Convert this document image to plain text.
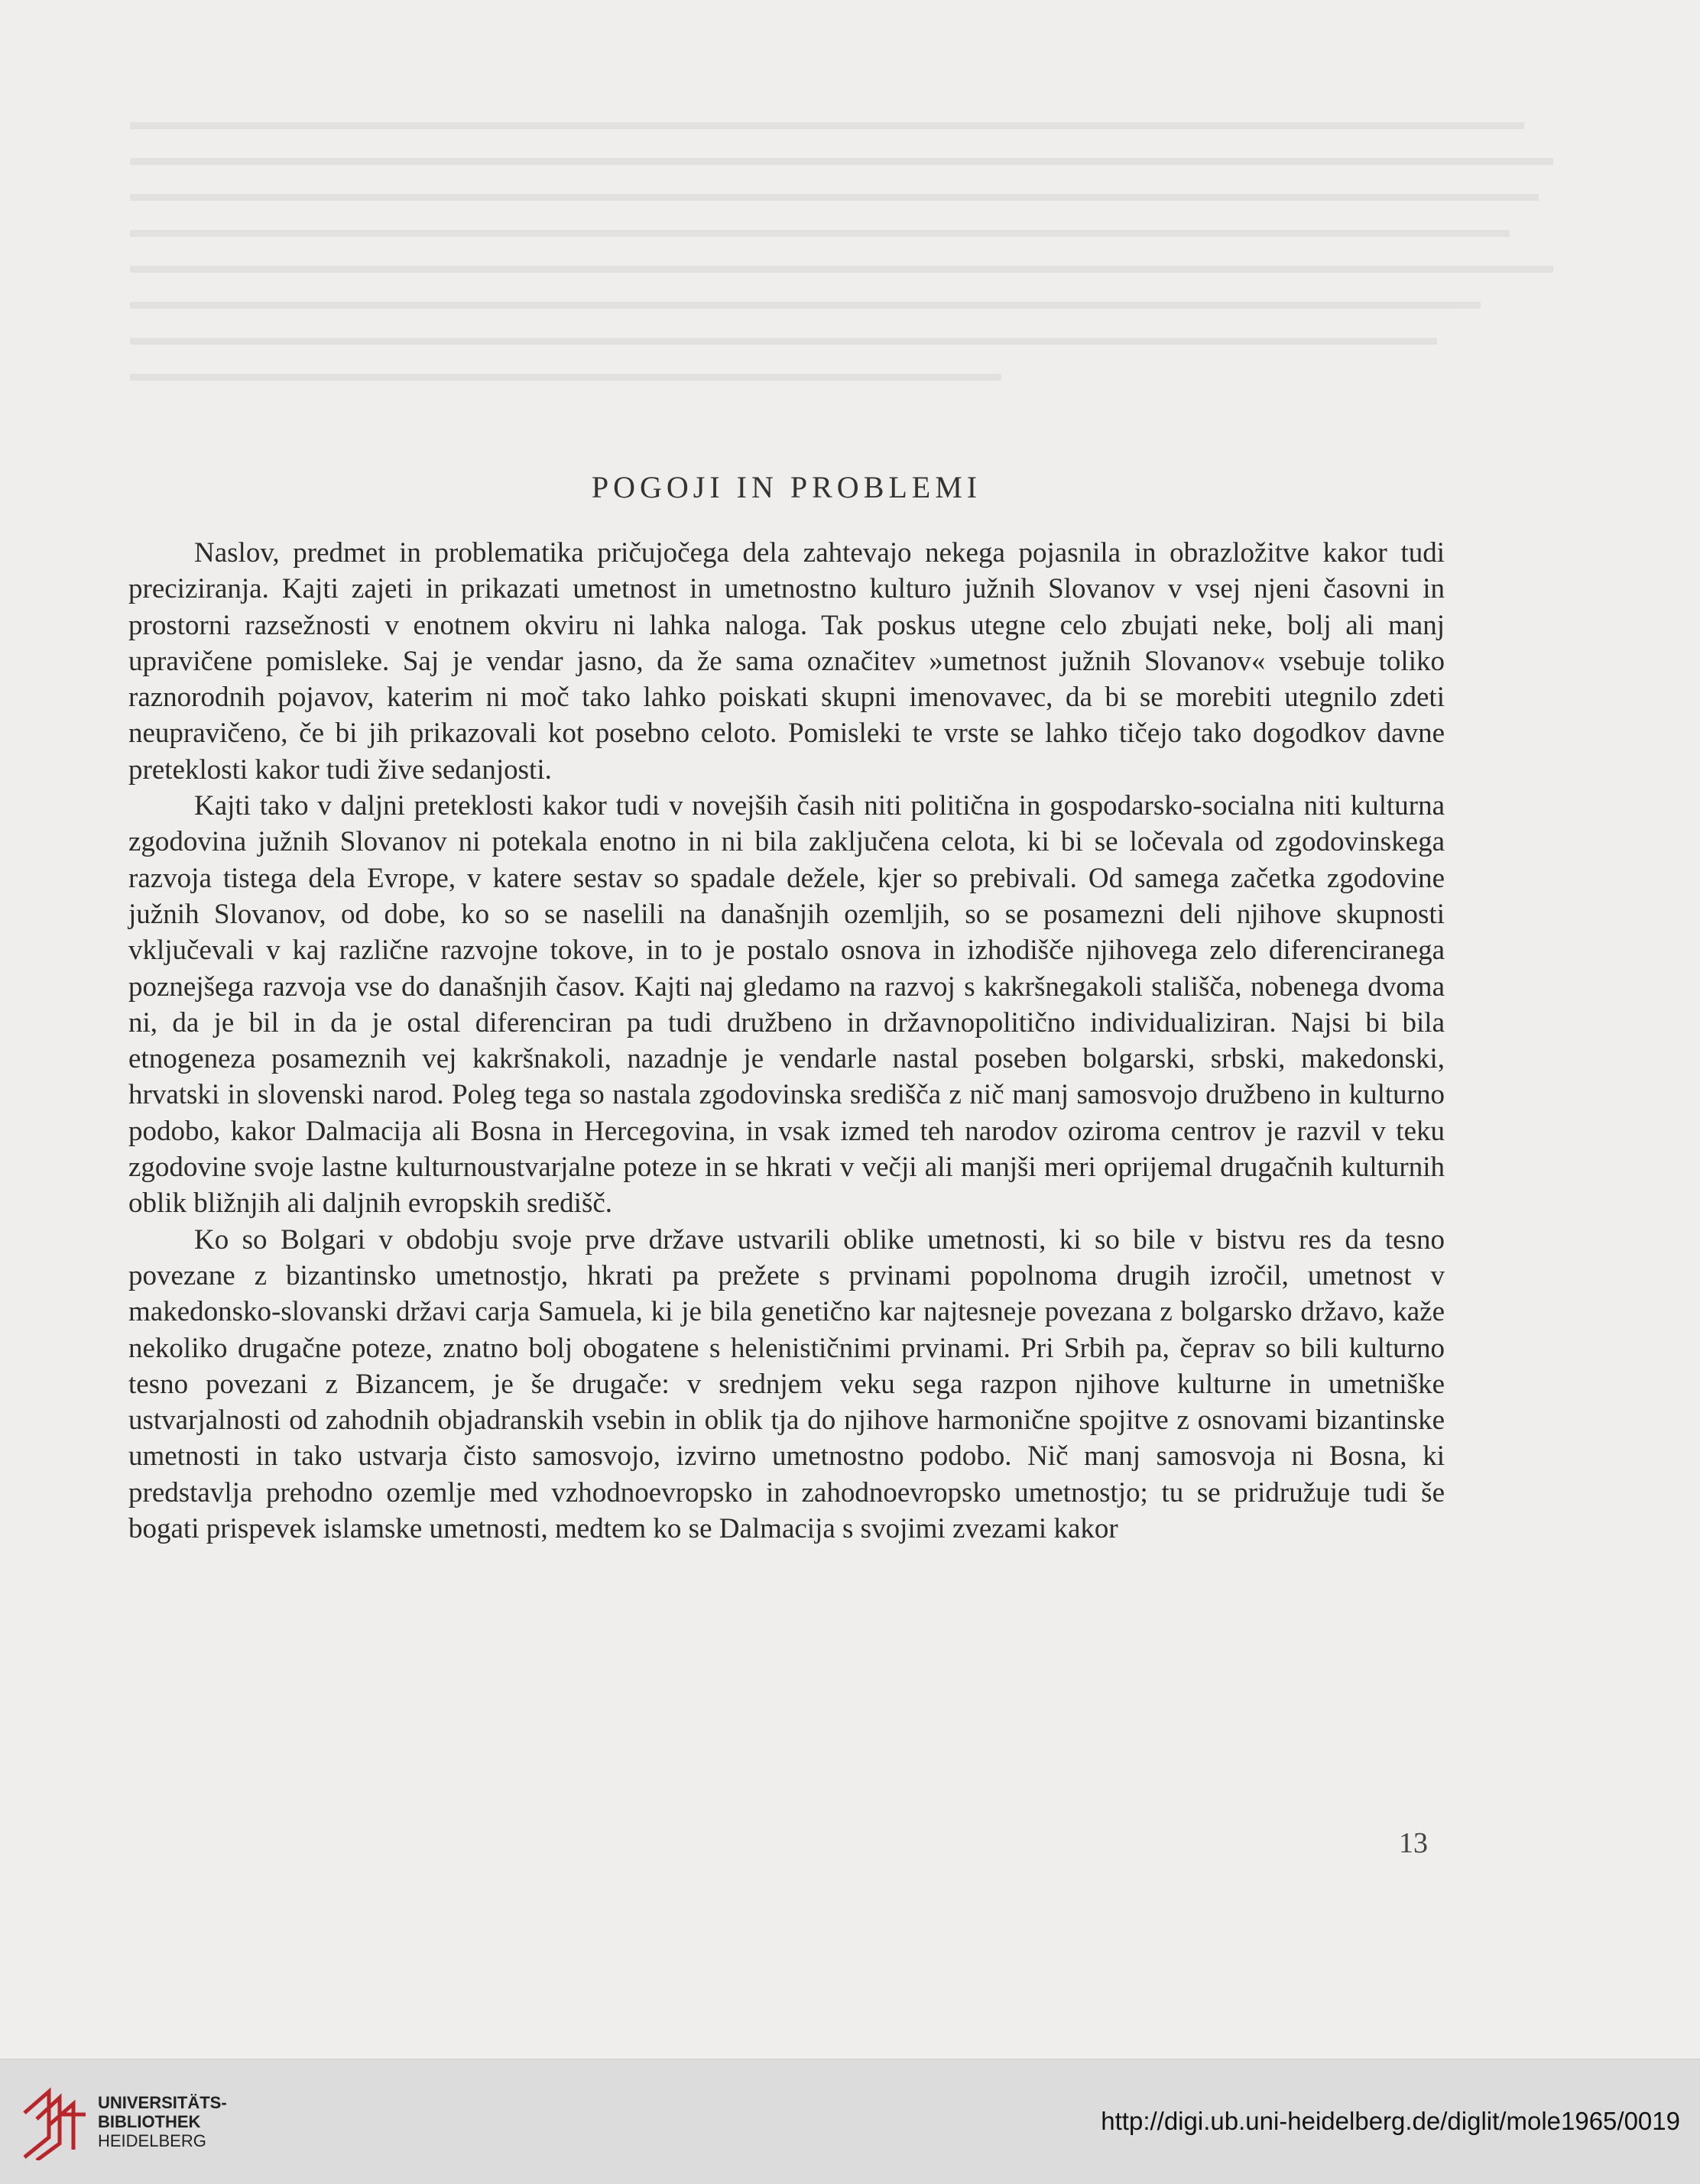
POGOJI IN PROBLEMI

Naslov, predmet in problematika pričujočega dela zahtevajo nekega pojasnila in obrazložitve kakor tudi preciziranja. Kajti zajeti in prikazati umetnost in umetnostno kulturo južnih Slovanov v vsej njeni časovni in prostorni razsežnosti v enotnem okviru ni lahka naloga. Tak poskus utegne celo zbujati neke, bolj ali manj upravičene pomisleke. Saj je vendar jasno, da že sama označitev »umetnost južnih Slovanov« vsebuje toliko raznorodnih pojavov, katerim ni moč tako lahko poiskati skupni imenovavec, da bi se morebiti utegnilo zdeti neupravičeno, če bi jih prikazovali kot posebno celoto. Pomisleki te vrste se lahko tičejo tako dogodkov davne preteklosti kakor tudi žive sedanjosti.

Kajti tako v daljni preteklosti kakor tudi v novejših časih niti politična in gospodarsko-socialna niti kulturna zgodovina južnih Slovanov ni potekala enotno in ni bila zaključena celota, ki bi se ločevala od zgodovinskega razvoja tistega dela Evrope, v katere sestav so spadale dežele, kjer so prebivali. Od samega začetka zgodovine južnih Slovanov, od dobe, ko so se naselili na današnjih ozemljih, so se posamezni deli njihove skupnosti vključevali v kaj različne razvojne tokove, in to je postalo osnova in izhodišče njihovega zelo diferenciranega poznejšega razvoja vse do današnjih časov. Kajti naj gledamo na razvoj s kakršnegakoli stališča, nobenega dvoma ni, da je bil in da je ostal diferenciran pa tudi družbeno in državnopolitično individualiziran. Najsi bi bila etnogeneza posameznih vej kakršnakoli, nazadnje je vendarle nastal poseben bolgarski, srbski, makedonski, hrvatski in slovenski narod. Poleg tega so nastala zgodovinska središča z nič manj samosvojo družbeno in kulturno podobo, kakor Dalmacija ali Bosna in Hercegovina, in vsak izmed teh narodov oziroma centrov je razvil v teku zgodovine svoje lastne kulturnoustvarjalne poteze in se hkrati v večji ali manjši meri oprijemal drugačnih kulturnih oblik bližnjih ali daljnih evropskih središč.

Ko so Bolgari v obdobju svoje prve države ustvarili oblike umetnosti, ki so bile v bistvu res da tesno povezane z bizantinsko umetnostjo, hkrati pa prežete s prvinami popolnoma drugih izročil, umetnost v makedonsko-slovanski državi carja Samuela, ki je bila genetično kar najtesneje povezana z bolgarsko državo, kaže nekoliko drugačne poteze, znatno bolj obogatene s helenističnimi prvinami. Pri Srbih pa, čeprav so bili kulturno tesno povezani z Bizancem, je še drugače: v srednjem veku sega razpon njihove kulturne in umetniške ustvarjalnosti od zahodnih objadranskih vsebin in oblik tja do njihove harmonične spojitve z osnovami bizantinske umetnosti in tako ustvarja čisto samosvojo, izvirno umetnostno podobo. Nič manj samosvoja ni Bosna, ki predstavlja prehodno ozemlje med vzhodnoevropsko in zahodnoevropsko umetnostjo; tu se pridružuje tudi še bogati prispevek islamske umetnosti, medtem ko se Dalmacija s svojimi zvezami kakor

13
UNIVERSITÄTS-
BIBLIOTHEK
HEIDELBERG
http://digi.ub.uni-heidelberg.de/diglit/mole1965/0019
